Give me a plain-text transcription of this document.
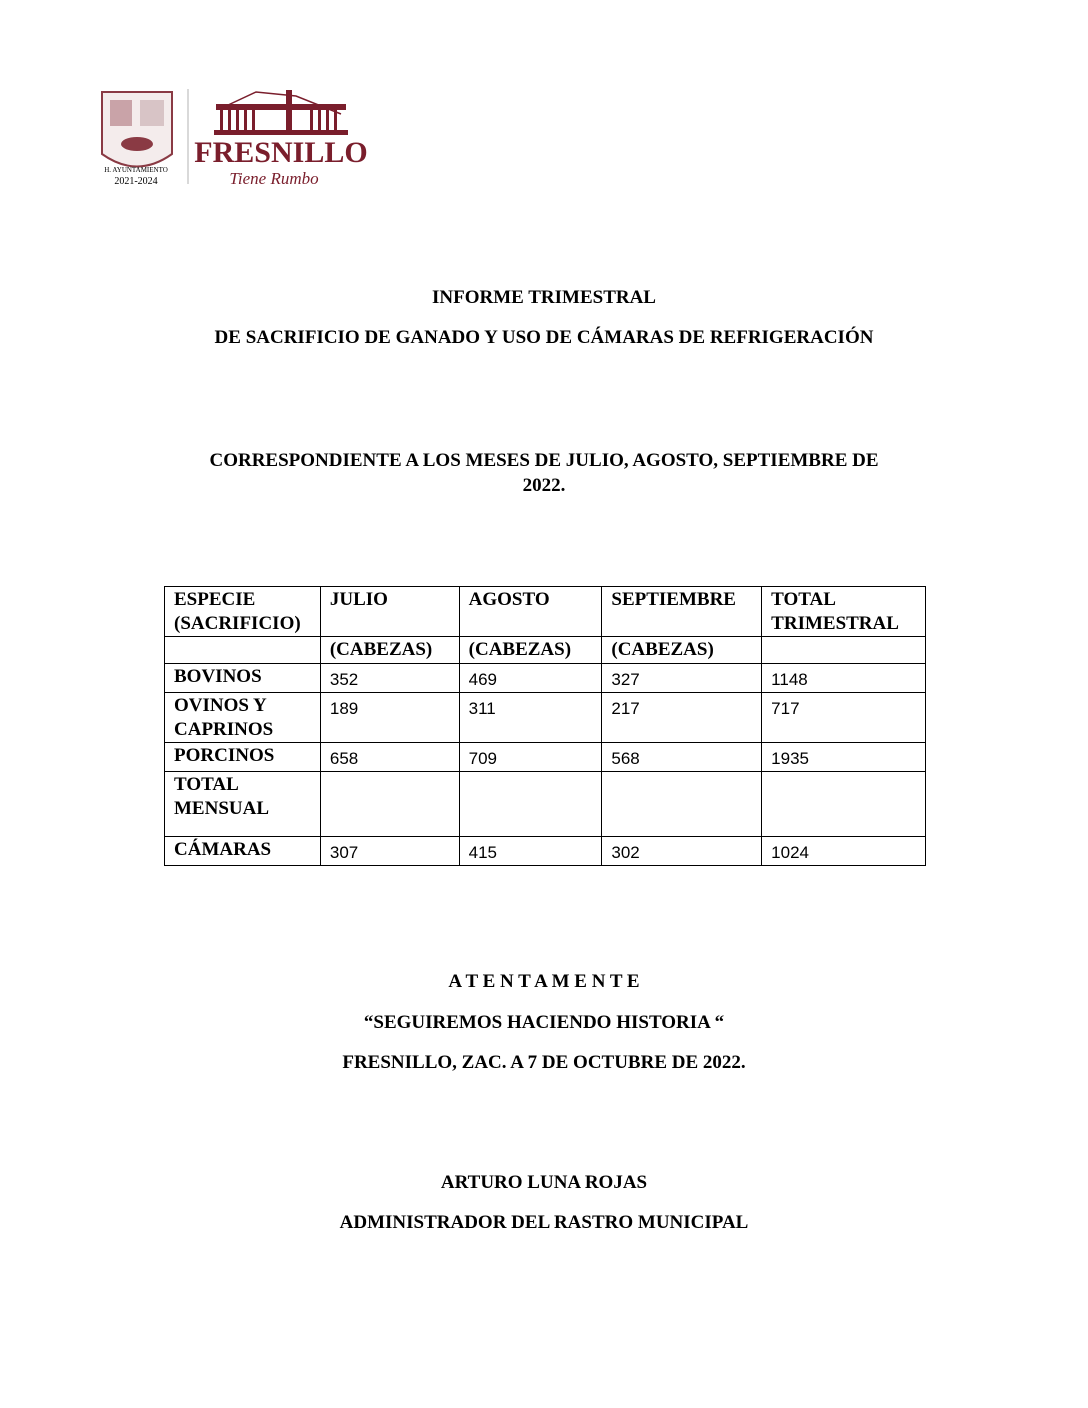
H. AYUNTAMIENTO
2021-2024
FRESNILLO
Tiene Rumbo
INFORME TRIMESTRAL
DE SACRIFICIO DE GANADO Y USO DE CÁMARAS DE REFRIGERACIÓN
CORRESPONDIENTE A LOS MESES DE JULIO, AGOSTO, SEPTIEMBRE DE
2022.
ESPECIE (SACRIFICIO)	JULIO	AGOSTO	SEPTIEMBRE	TOTAL TRIMESTRAL
	(CABEZAS)	(CABEZAS)	(CABEZAS)	
BOVINOS	352	469	327	1148
OVINOS Y CAPRINOS	189	311	217	717
PORCINOS	658	709	568	1935
TOTAL MENSUAL				
CÁMARAS	307	415	302	1024
A T E N T A M E N T E
“SEGUIREMOS HACIENDO HISTORIA “
FRESNILLO, ZAC. A 7 DE OCTUBRE DE 2022.
ARTURO LUNA ROJAS
ADMINISTRADOR DEL RASTRO MUNICIPAL
